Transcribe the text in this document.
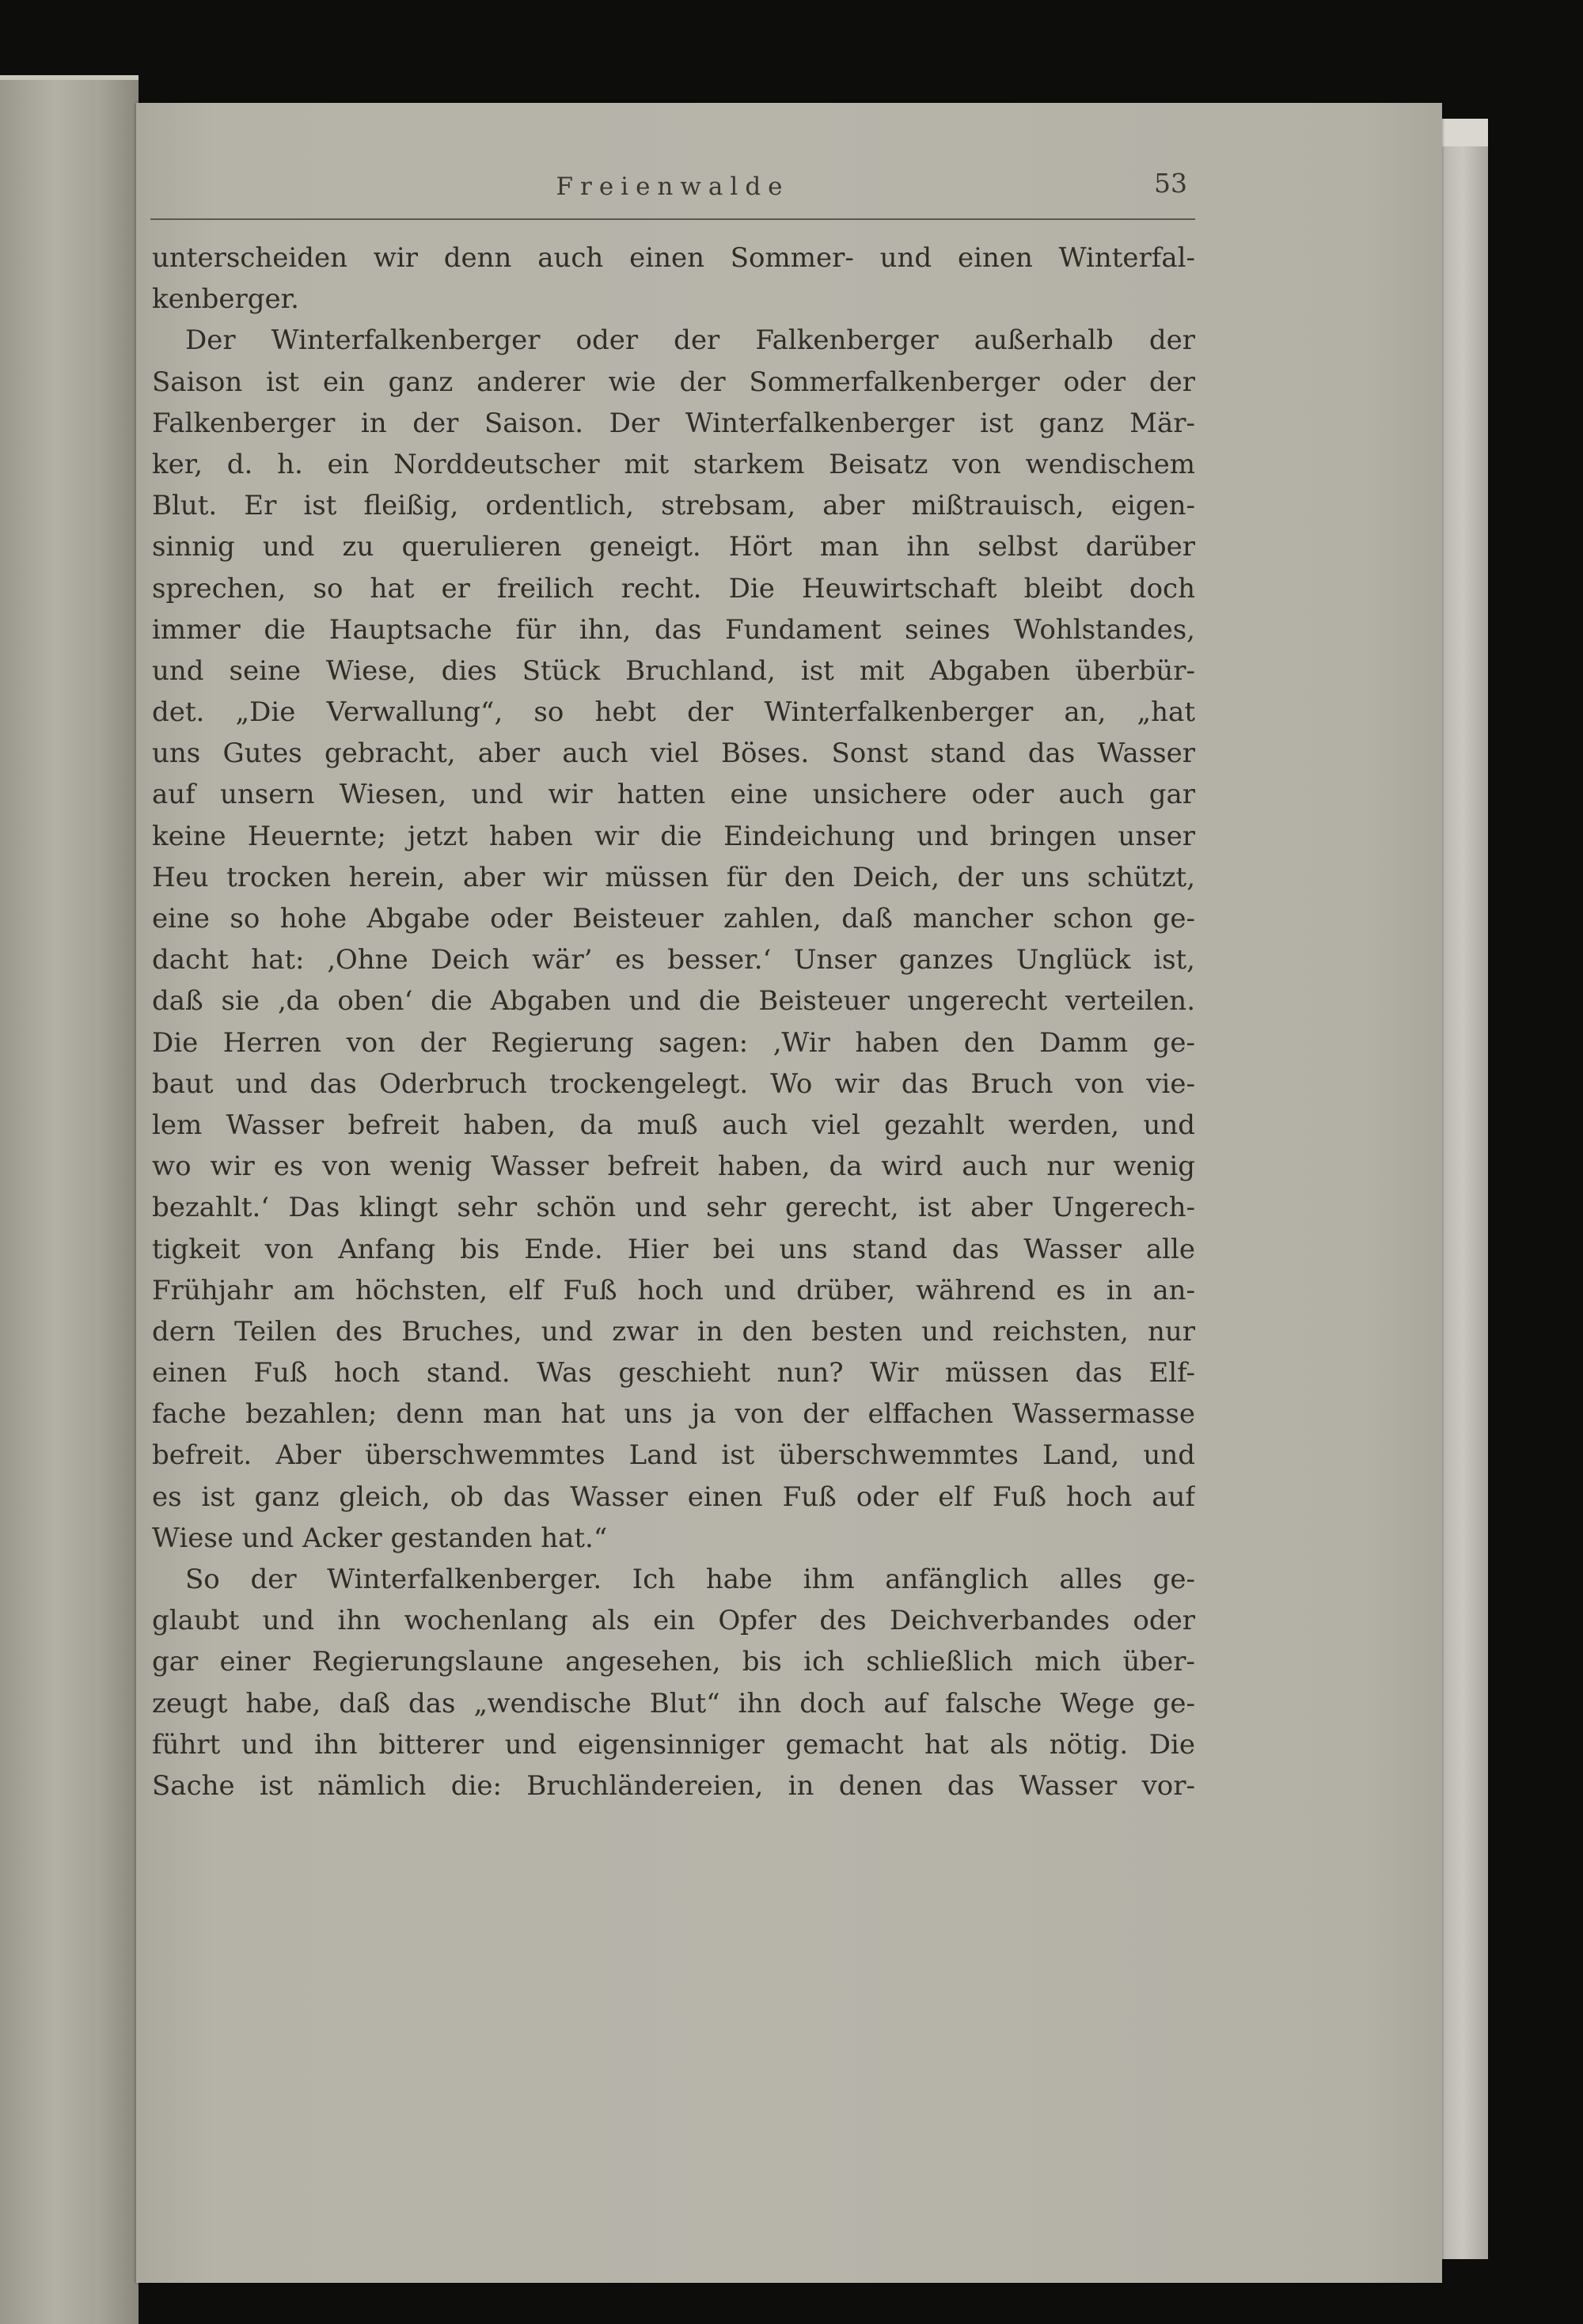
Freienwalde	53
unterscheiden wir denn auch einen Sommer- und einen Winterfal-
kenberger.
Der Winterfalkenberger oder der Falkenberger außerhalb der
Saison ist ein ganz anderer wie der Sommerfalkenberger oder der
Falkenberger in der Saison. Der Winterfalkenberger ist ganz Mär-
ker, d. h. ein Norddeutscher mit starkem Beisatz von wendischem
Blut. Er ist fleißig, ordentlich, strebsam, aber mißtrauisch, eigen-
sinnig und zu querulieren geneigt. Hört man ihn selbst darüber
sprechen, so hat er freilich recht. Die Heuwirtschaft bleibt doch
immer die Hauptsache für ihn, das Fundament seines Wohlstandes,
und seine Wiese, dies Stück Bruchland, ist mit Abgaben überbür-
det. „Die Verwallung“, so hebt der Winterfalkenberger an, „hat
uns Gutes gebracht, aber auch viel Böses. Sonst stand das Wasser
auf unsern Wiesen, und wir hatten eine unsichere oder auch gar
keine Heuernte; jetzt haben wir die Eindeichung und bringen unser
Heu trocken herein, aber wir müssen für den Deich, der uns schützt,
eine so hohe Abgabe oder Beisteuer zahlen, daß mancher schon ge-
dacht hat: ‚Ohne Deich wär’ es besser.‘ Unser ganzes Unglück ist,
daß sie ‚da oben‘ die Abgaben und die Beisteuer ungerecht verteilen.
Die Herren von der Regierung sagen: ‚Wir haben den Damm ge-
baut und das Oderbruch trockengelegt. Wo wir das Bruch von vie-
lem Wasser befreit haben, da muß auch viel gezahlt werden, und
wo wir es von wenig Wasser befreit haben, da wird auch nur wenig
bezahlt.‘ Das klingt sehr schön und sehr gerecht, ist aber Ungerech-
tigkeit von Anfang bis Ende. Hier bei uns stand das Wasser alle
Frühjahr am höchsten, elf Fuß hoch und drüber, während es in an-
dern Teilen des Bruches, und zwar in den besten und reichsten, nur
einen Fuß hoch stand. Was geschieht nun? Wir müssen das Elf-
fache bezahlen; denn man hat uns ja von der elffachen Wassermasse
befreit. Aber überschwemmtes Land ist überschwemmtes Land, und
es ist ganz gleich, ob das Wasser einen Fuß oder elf Fuß hoch auf
Wiese und Acker gestanden hat.“
So der Winterfalkenberger. Ich habe ihm anfänglich alles ge-
glaubt und ihn wochenlang als ein Opfer des Deichverbandes oder
gar einer Regierungslaune angesehen, bis ich schließlich mich über-
zeugt habe, daß das „wendische Blut“ ihn doch auf falsche Wege ge-
führt und ihn bitterer und eigensinniger gemacht hat als nötig. Die
Sache ist nämlich die: Bruchländereien, in denen das Wasser vor-
